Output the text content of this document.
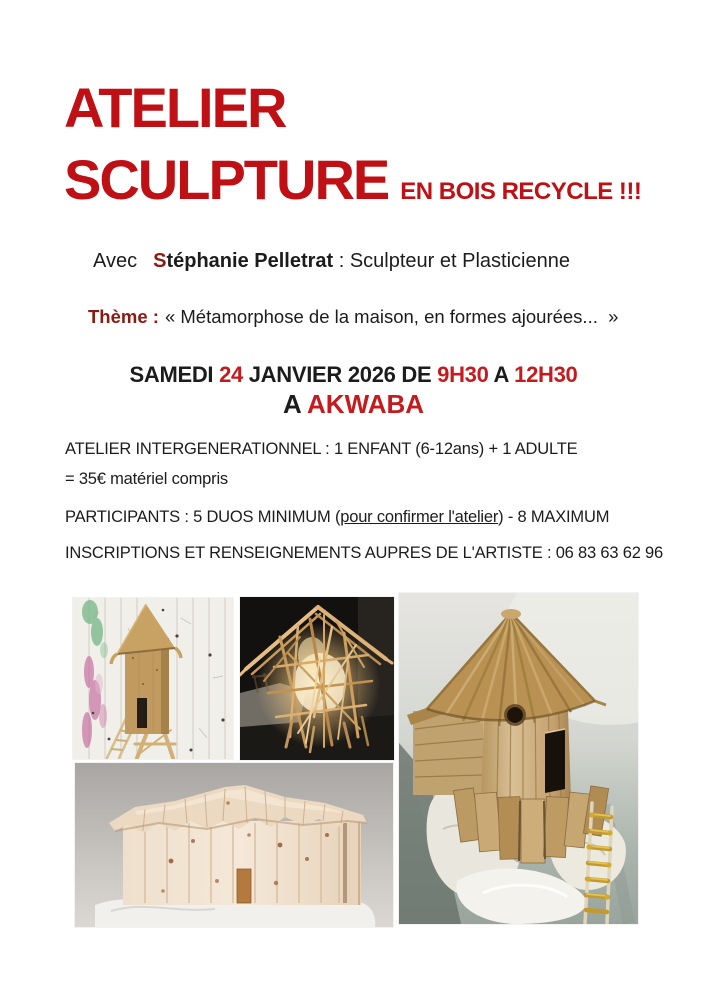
ATELIER
SCULPTURE EN BOIS RECYCLE !!!
Avec Stéphanie Pelletrat : Sculpteur et Plasticienne
Thème : « Métamorphose de la maison, en formes ajourées...  »
SAMEDI 24 JANVIER 2026 DE 9H30 A 12H30
A AKWABA
ATELIER INTERGENERATIONNEL : 1 ENFANT (6-12ans) + 1 ADULTE
= 35€ matériel compris
PARTICIPANTS : 5 DUOS MINIMUM (pour confirmer l'atelier) - 8 MAXIMUM
INSCRIPTIONS ET RENSEIGNEMENTS AUPRES DE L'ARTISTE : 06 83 63 62 96
